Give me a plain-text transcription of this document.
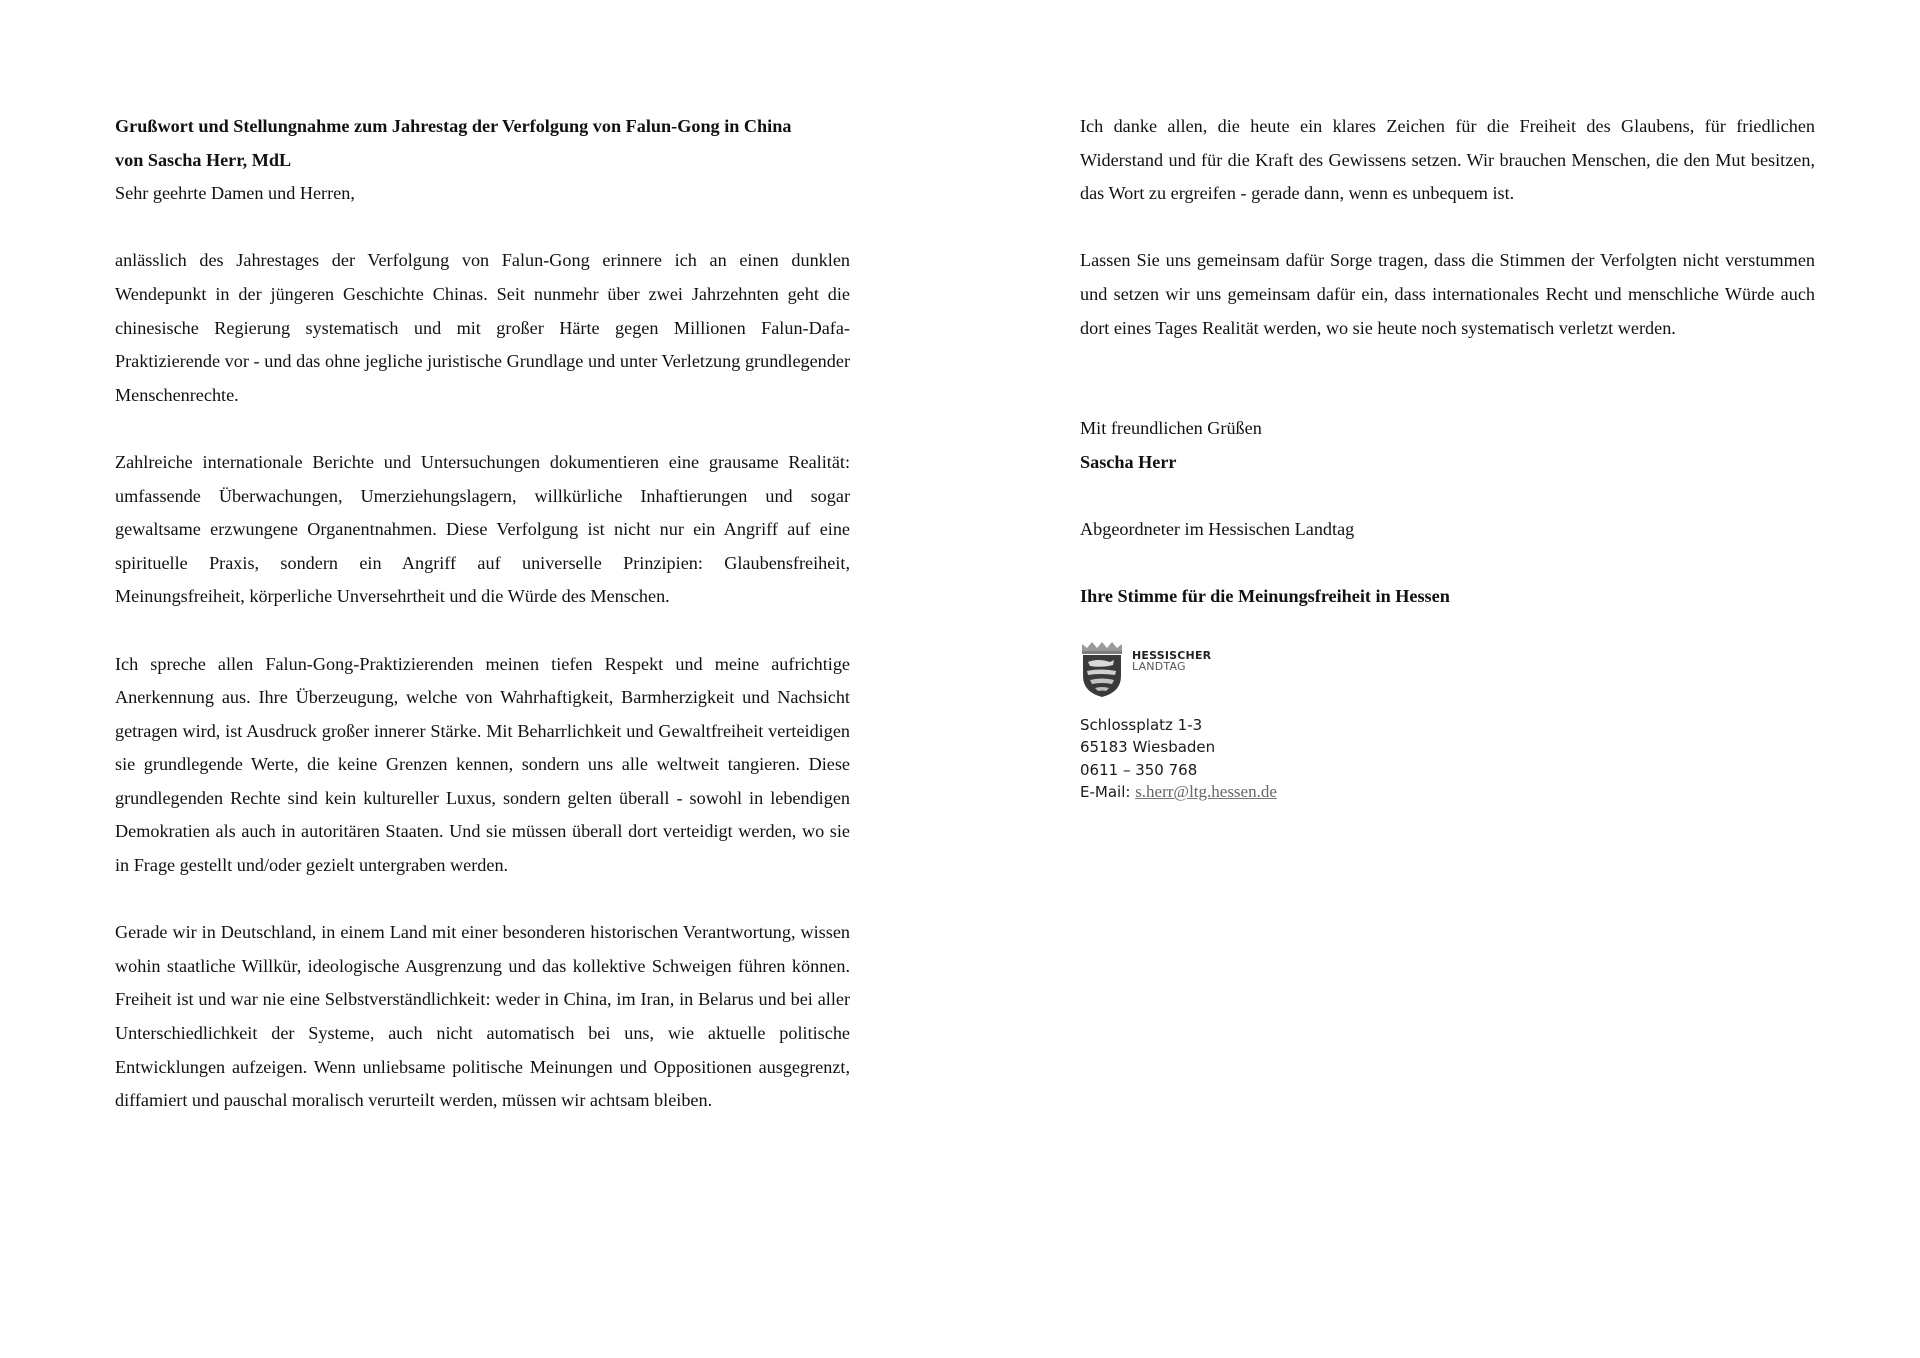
Grußwort und Stellungnahme zum Jahrestag der Verfolgung von Falun-Gong in China

von Sascha Herr, MdL

Sehr geehrte Damen und Herren,

anlässlich des Jahrestages der Verfolgung von Falun-Gong erinnere ich an einen dunklen Wendepunkt in der jüngeren Geschichte Chinas. Seit nunmehr über zwei Jahrzehnten geht die chinesische Regierung systematisch und mit großer Härte gegen Millionen Falun-Dafa-Praktizierende vor - und das ohne jegliche juristische Grundlage und unter Verletzung grundlegender Menschenrechte.

Zahlreiche internationale Berichte und Untersuchungen dokumentieren eine grausame Realität: umfassende Überwachungen, Umerziehungslagern, willkürliche Inhaftierungen und sogar gewaltsame erzwungene Organentnahmen. Diese Verfolgung ist nicht nur ein Angriff auf eine spirituelle Praxis, sondern ein Angriff auf universelle Prinzipien: Glaubensfreiheit, Meinungsfreiheit, körperliche Unversehrtheit und die Würde des Menschen.

Ich spreche allen Falun-Gong-Praktizierenden meinen tiefen Respekt und meine aufrichtige Anerkennung aus. Ihre Überzeugung, welche von Wahrhaftigkeit, Barmherzigkeit und Nachsicht getragen wird, ist Ausdruck großer innerer Stärke. Mit Beharrlichkeit und Gewaltfreiheit verteidigen sie grundlegende Werte, die keine Grenzen kennen, sondern uns alle weltweit tangieren. Diese grundlegenden Rechte sind kein kultureller Luxus, sondern gelten überall - sowohl in lebendigen Demokratien als auch in autoritären Staaten. Und sie müssen überall dort verteidigt werden, wo sie in Frage gestellt und/oder gezielt untergraben werden.

Gerade wir in Deutschland, in einem Land mit einer besonderen historischen Verantwortung, wissen wohin staatliche Willkür, ideologische Ausgrenzung und das kollektive Schweigen führen können. Freiheit ist und war nie eine Selbstverständlichkeit: weder in China, im Iran, in Belarus und bei aller Unterschiedlichkeit der Systeme, auch nicht automatisch bei uns, wie aktuelle politische Entwicklungen aufzeigen. Wenn unliebsame politische Meinungen und Oppositionen ausgegrenzt, diffamiert und pauschal moralisch verurteilt werden, müssen wir achtsam bleiben.

Ich danke allen, die heute ein klares Zeichen für die Freiheit des Glaubens, für friedlichen Widerstand und für die Kraft des Gewissens setzen. Wir brauchen Menschen, die den Mut besitzen, das Wort zu ergreifen - gerade dann, wenn es unbequem ist.

Lassen Sie uns gemeinsam dafür Sorge tragen, dass die Stimmen der Verfolgten nicht verstummen und setzen wir uns gemeinsam dafür ein, dass internationales Recht und menschliche Würde auch dort eines Tages Realität werden, wo sie heute noch systematisch verletzt werden.

Mit freundlichen Grüßen

Sascha Herr

Abgeordneter im Hessischen Landtag

Ihre Stimme für die Meinungsfreiheit in Hessen

HESSISCHER
LANDTAG
Schlossplatz 1-3
65183 Wiesbaden
0611 – 350 768
E-Mail: s.herr@ltg.hessen.de
